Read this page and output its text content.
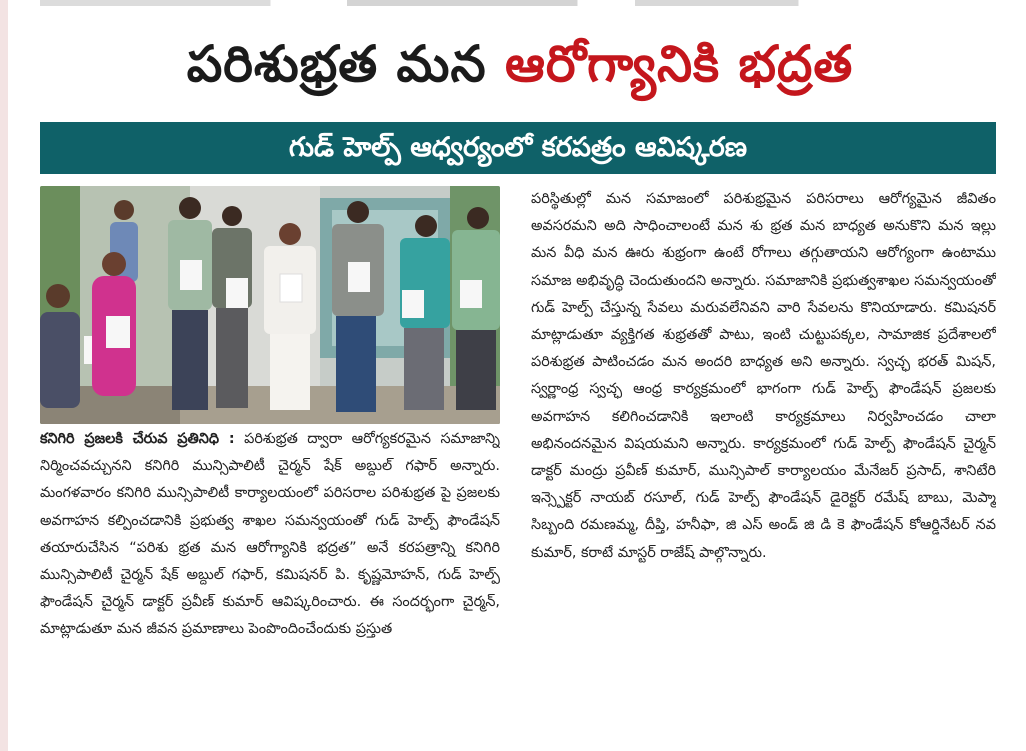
పరిశుభ్రత మన ఆరోగ్యానికి భద్రత
గుడ్ హెల్ప్ ఆధ్వర్యంలో కరపత్రం ఆవిష్కరణ

కనిగిరి ప్రజలకి చేరువ ప్రతినిధి : పరిశుభ్రత ద్వారా ఆరోగ్యకరమైన సమాజాన్ని నిర్మించవచ్చునని కనిగిరి మున్సిపాలిటీ చైర్మన్ షేక్ అబ్దుల్ గఫార్ అన్నారు. మంగళవారం కనిగిరి మున్సిపాలిటీ కార్యాలయంలో పరిసరాల పరిశుభ్రత పై ప్రజలకు అవగాహన కల్పించడానికి ప్రభుత్వ శాఖల సమన్వయంతో గుడ్ హెల్ప్ ఫౌండేషన్ తయారుచేసిన “పరిశు భ్రత మన ఆరోగ్యానికి భద్రత” అనే కరపత్రాన్ని కనిగిరి మున్సిపాలిటీ చైర్మన్ షేక్ అబ్దుల్ గఫార్, కమిషనర్ పి. కృష్ణమోహన్, గుడ్ హెల్ప్ ఫౌండేషన్ చైర్మన్ డాక్టర్ ప్రవీణ్ కుమార్ ఆవిష్కరించారు. ఈ సందర్భంగా చైర్మన్, మాట్లాడుతూ మన జీవన ప్రమాణాలు పెంపొందించేందుకు ప్రస్తుత

పరిస్థితుల్లో మన సమాజంలో పరిశుభ్రమైన పరిసరాలు ఆరోగ్యమైన జీవితం అవసరమని అది సాధించాలంటే మన శు భ్రత మన బాధ్యత అనుకొని మన ఇల్లు మన వీధి మన ఊరు శుభ్రంగా ఉంటే రోగాలు తగ్గుతాయని ఆరోగ్యంగా ఉంటాము సమాజ అభివృద్ధి చెందుతుందని అన్నారు. సమాజానికి ప్రభుత్వశాఖల సమన్వయంతో గుడ్ హెల్ప్ చేస్తున్న సేవలు మరువలేనివని వారి సేవలను కొనియాడారు. కమిషనర్ మాట్లాడుతూ వ్యక్తిగత శుభ్రతతో పాటు, ఇంటి చుట్టుపక్కల, సామాజిక ప్రదేశాలలో పరిశుభ్రత పాటించడం మన అందరి బాధ్యత అని అన్నారు. స్వచ్ఛ భరత్ మిషన్, స్వర్ణాంధ్ర స్వచ్ఛ ఆంధ్ర కార్యక్రమంలో భాగంగా గుడ్ హెల్ప్ ఫౌండేషన్ ప్రజలకు అవగాహన కలిగించడానికి ఇలాంటి కార్యక్రమాలు నిర్వహించడం చాలా అభినందనమైన విషయమని అన్నారు. కార్యక్రమంలో గుడ్ హెల్ప్ ఫౌండేషన్ చైర్మన్ డాక్టర్ మంద్రు ప్రవీణ్ కుమార్, మున్సిపాల్ కార్యాలయం మేనేజర్ ప్రసాద్, శానిటేరి ఇన్స్పెక్టర్ నాయబ్ రసూల్, గుడ్ హెల్ప్ ఫౌండేషన్ డైరెక్టర్ రమేష్ బాబు, మెప్మా సిబ్బంది రమణమ్మ, దీప్తి, హనీఫా, జి ఎస్ అండ్ జి డి కె ఫౌండేషన్ కోఆర్డినేటర్ నవ కుమార్, కరాటే మాస్టర్ రాజేష్ పాల్గొన్నారు.
